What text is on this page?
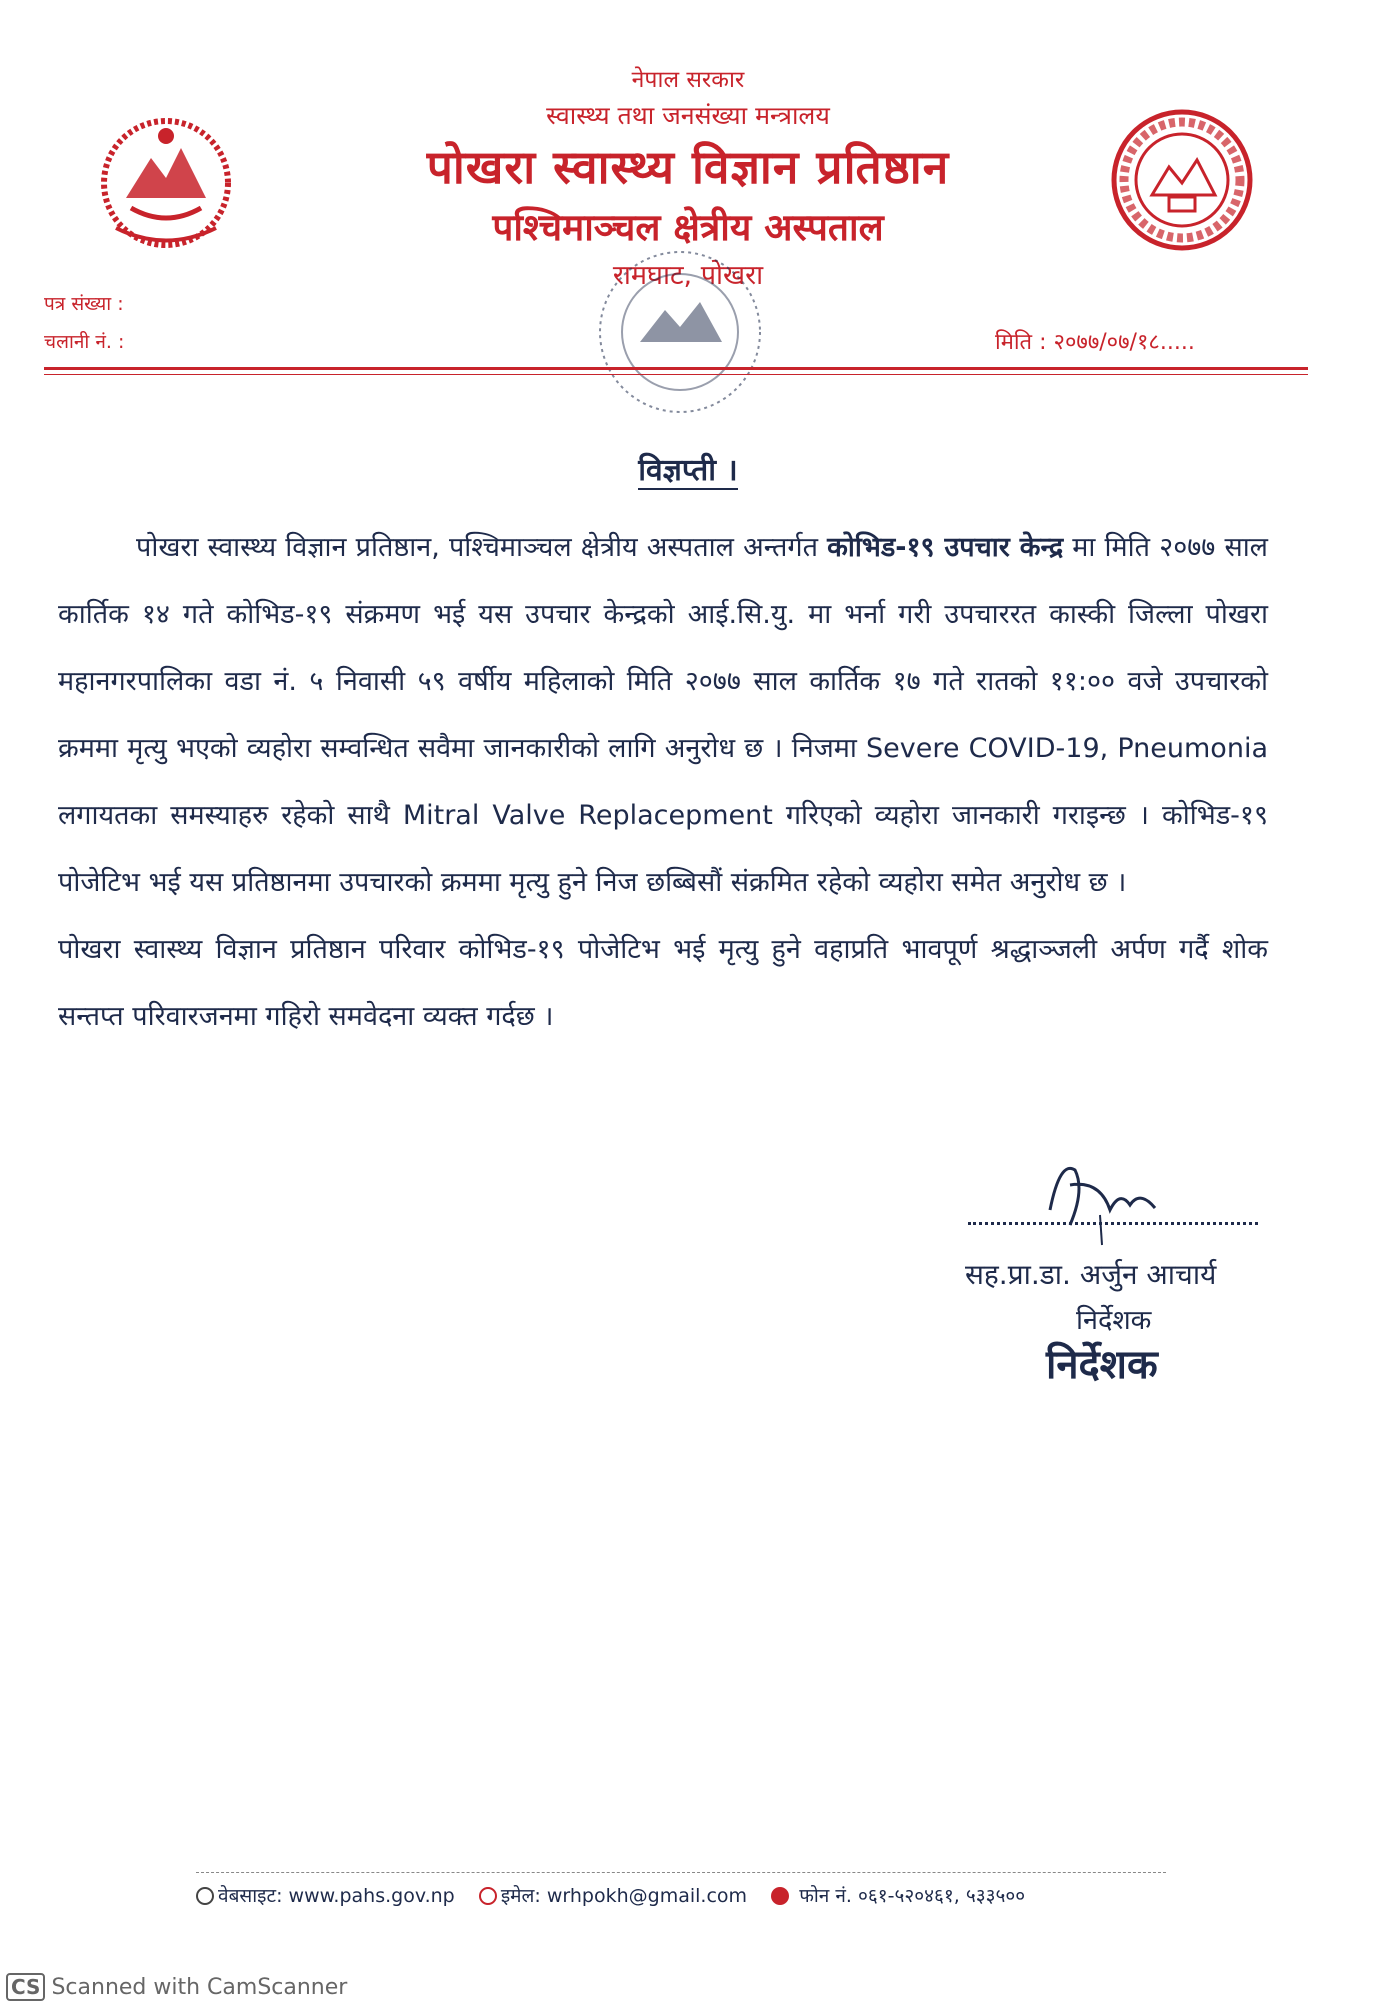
नेपाल सरकार
स्वास्थ्य तथा जनसंख्या मन्त्रालय
पोखरा स्वास्थ्य विज्ञान प्रतिष्ठान
पश्चिमाञ्चल क्षेत्रीय अस्पताल
रामघाट, पोखरा
पत्र संख्या :
चलानी नं. :	मिति : २०७७/०७/१८.....
विज्ञप्ती ।

पोखरा स्वास्थ्य विज्ञान प्रतिष्ठान, पश्चिमाञ्चल क्षेत्रीय अस्पताल अन्तर्गत कोभिड-१९ उपचार केन्द्र मा मिति २०७७ साल कार्तिक १४ गते कोभिड-१९ संक्रमण भई यस उपचार केन्द्रको आई.सि.यु. मा भर्ना गरी उपचाररत कास्की जिल्ला पोखरा महानगरपालिका वडा नं. ५ निवासी ५९ वर्षीय महिलाको मिति २०७७ साल कार्तिक १७ गते रातको ११:०० वजे उपचारको क्रममा मृत्यु भएको व्यहोरा सम्वन्धित सवैमा जानकारीको लागि अनुरोध छ । निजमा Severe COVID-19, Pneumonia लगायतका समस्याहरु रहेको साथै Mitral Valve Replacepment गरिएको व्यहोरा जानकारी गराइन्छ । कोभिड-१९ पोजेटिभ भई यस प्रतिष्ठानमा उपचारको क्रममा मृत्यु हुने निज छब्बिसौं संक्रमित रहेको व्यहोरा समेत अनुरोध छ ।

पोखरा स्वास्थ्य विज्ञान प्रतिष्ठान परिवार कोभिड-१९ पोजेटिभ भई मृत्यु हुने वहाप्रति भावपूर्ण श्रद्धाञ्जली अर्पण गर्दै शोक सन्तप्त परिवारजनमा गहिरो समवेदना व्यक्त गर्दछ ।

सह.प्रा.डा. अर्जुन आचार्य
निर्देशक
निर्देशक
वेबसाइट: www.pahs.gov.np इमेल: wrhpokh@gmail.com	फोन नं. ०६१-५२०४६१, ५३३५००
CS Scanned with CamScanner
